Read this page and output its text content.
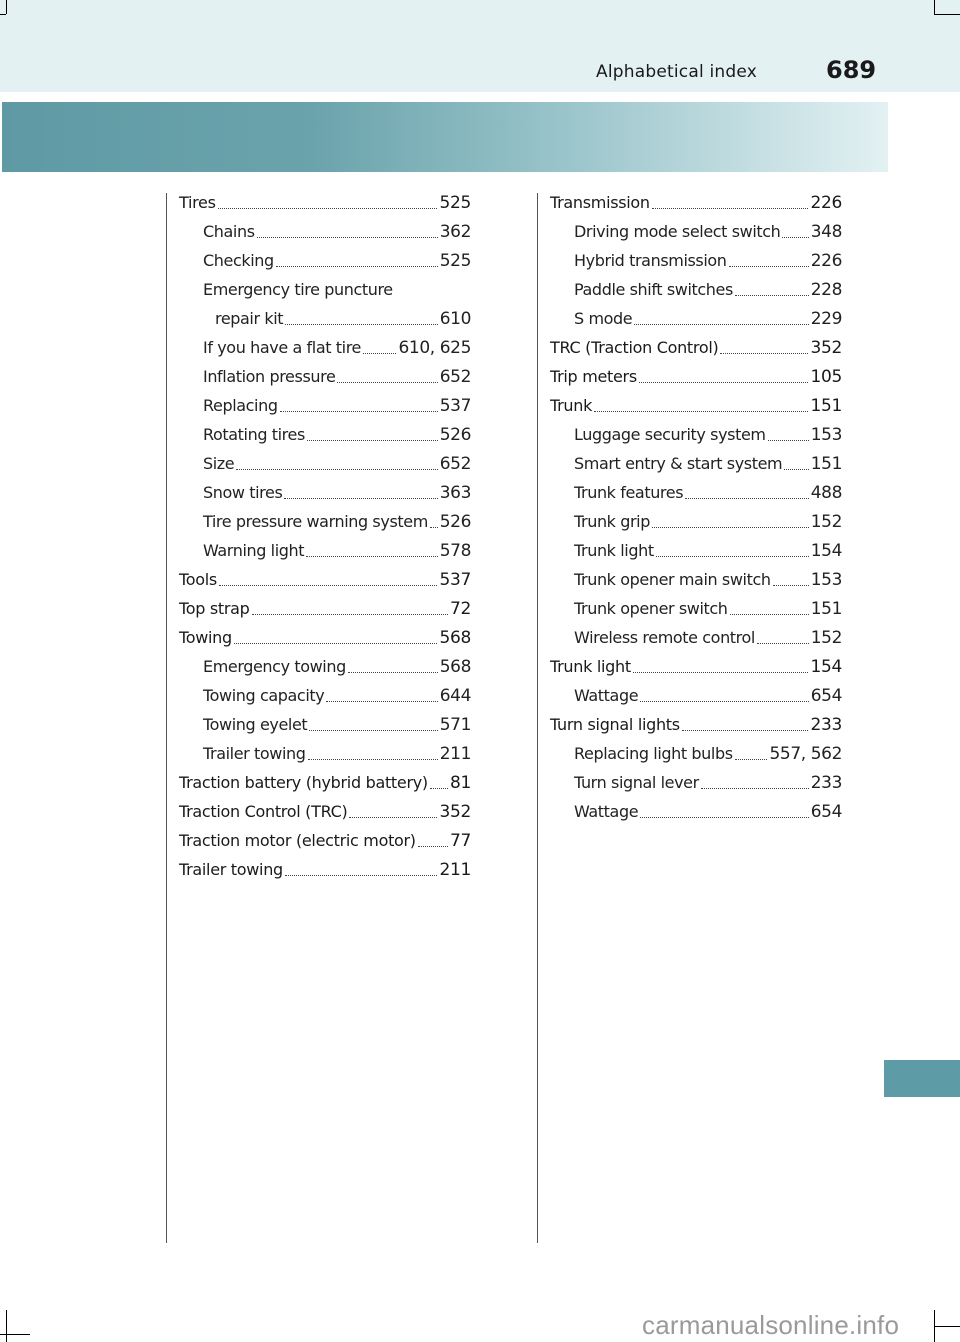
Alphabetical index	689
Tires	525
Chains	362
Checking	525
Emergency tire puncture
repair kit	610
If you have a flat tire 610, 625
Inflation pressure	652
Replacing	537
Rotating tires	526
Size	652
Snow tires	363
Tire pressure warning system 526
Warning light	578
Tools	537
Top strap	72
Towing	568
Emergency towing	568
Towing capacity	644
Towing eyelet	571
Trailer towing	211
Traction battery (hybrid battery) 81
Traction Control (TRC)	352
Traction motor (electric motor) 77
Trailer towing	211
Transmission	226
Driving mode select switch 348
Hybrid transmission	226
Paddle shift switches	228
S mode	229
TRC (Traction Control)	352
Trip meters	105
Trunk	151
Luggage security system	153
Smart entry & start system 151
Trunk features	488
Trunk grip	152
Trunk light	154
Trunk opener main switch 153
Trunk opener switch	151
Wireless remote control	152
Trunk light	154
Wattage	654
Turn signal lights	233
Replacing light bulbs 557, 562
Turn signal lever	233
Wattage	654
carmanualsonline.info
